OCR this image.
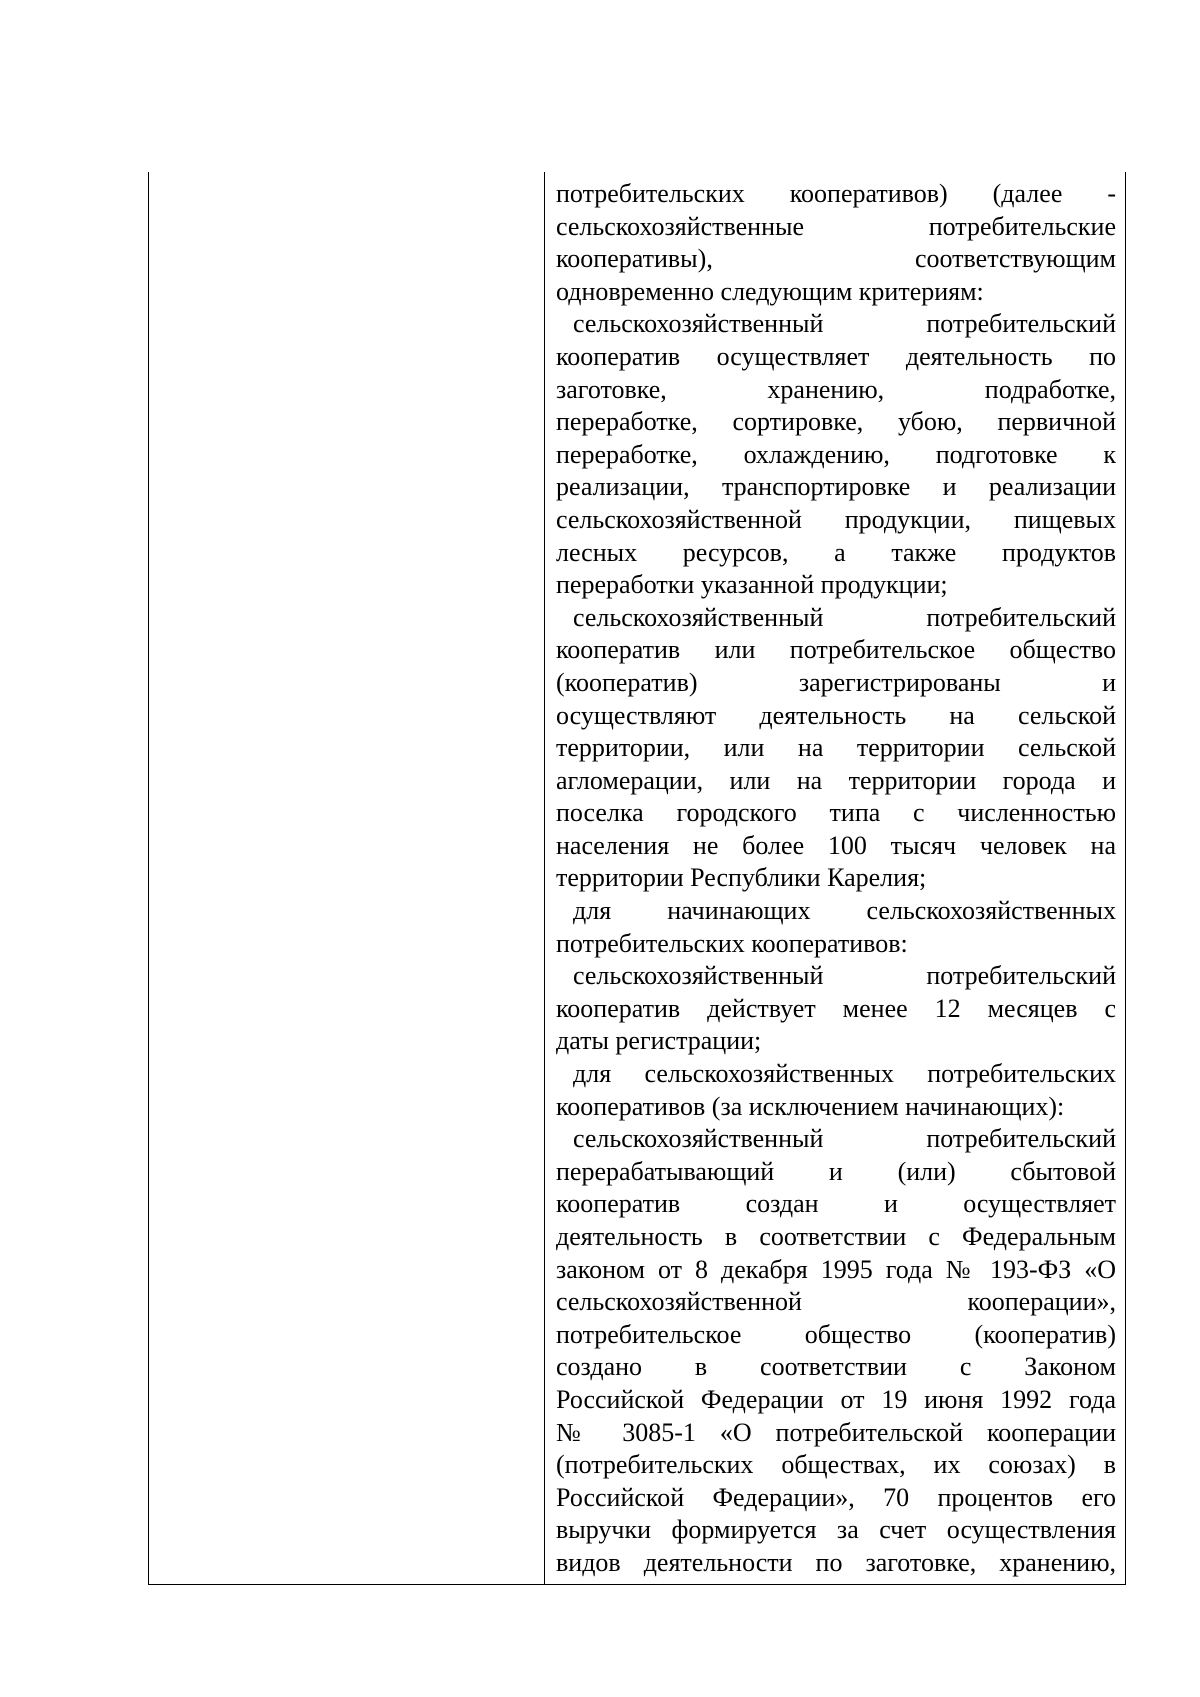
потребительских кооперативов) (далее -
сельскохозяйственные потребительские
кооперативы), соответствующим
одновременно следующим критериям:
сельскохозяйственный потребительский
кооператив осуществляет деятельность по
заготовке, хранению, подработке,
переработке, сортировке, убою, первичной
переработке, охлаждению, подготовке к
реализации, транспортировке и реализации
сельскохозяйственной продукции, пищевых
лесных ресурсов, а также продуктов
переработки указанной продукции;
сельскохозяйственный потребительский
кооператив или потребительское общество
(кооператив) зарегистрированы и
осуществляют деятельность на сельской
территории, или на территории сельской
агломерации, или на территории города и
поселка городского типа с численностью
населения не более 100 тысяч человек на
территории Республики Карелия;
для начинающих сельскохозяйственных
потребительских кооперативов:
сельскохозяйственный потребительский
кооператив действует менее 12 месяцев с
даты регистрации;
для сельскохозяйственных потребительских
кооперативов (за исключением начинающих):
сельскохозяйственный потребительский
перерабатывающий и (или) сбытовой
кооператив создан и осуществляет
деятельность в соответствии с Федеральным
законом от 8 декабря 1995 года № 193-ФЗ «О
сельскохозяйственной кооперации»,
потребительское общество (кооператив)
создано в соответствии с Законом
Российской Федерации от 19 июня 1992 года
№ 3085-1 «О потребительской кооперации
(потребительских обществах, их союзах) в
Российской Федерации», 70 процентов его
выручки формируется за счет осуществления
видов деятельности по заготовке, хранению,
